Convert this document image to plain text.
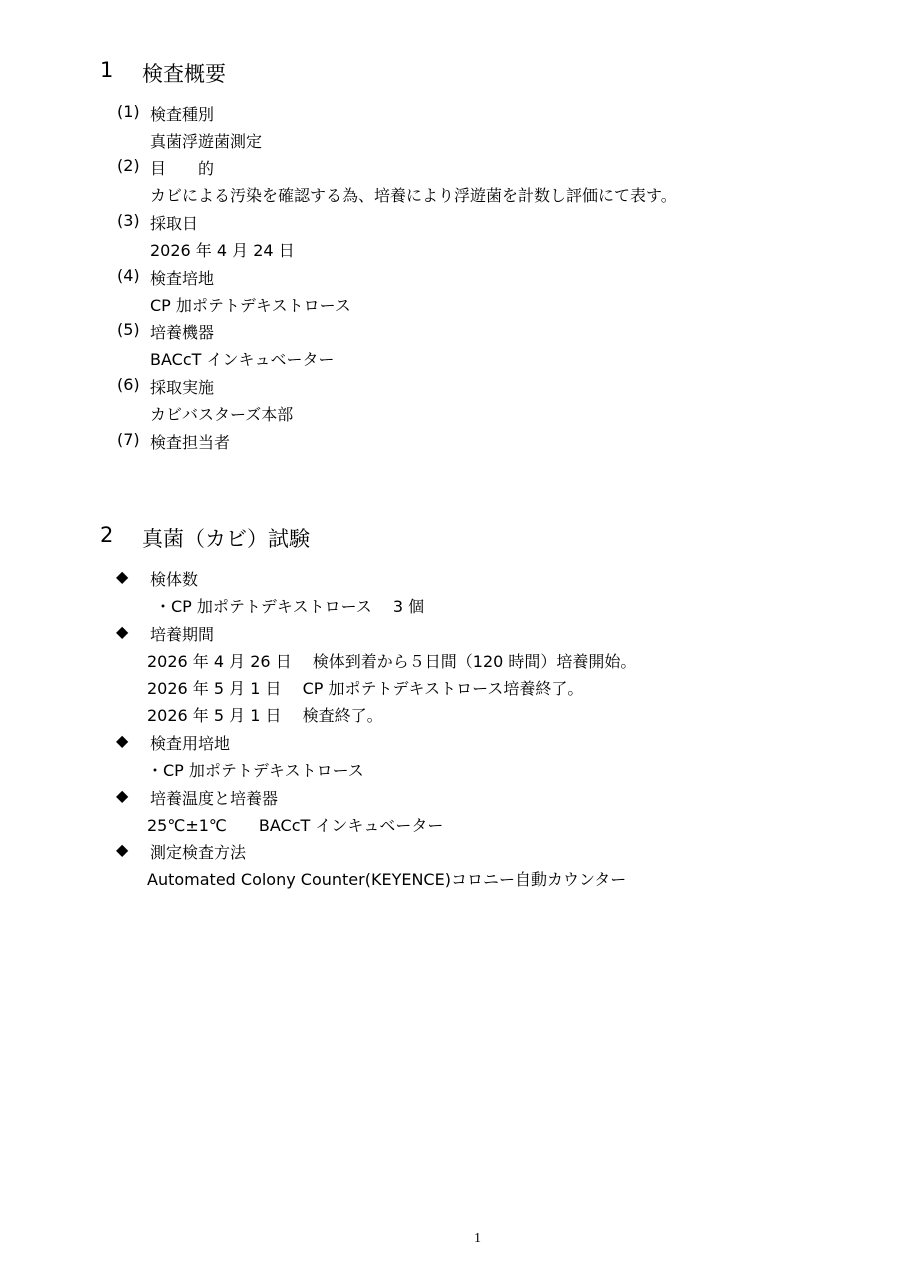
1 検査概要
(1) 検査種別
真菌浮遊菌測定
(2) 目　　的
カビによる汚染を確認する為、培養により浮遊菌を計数し評価にて表す。
(3) 採取日
2026 年 4 月 24 日
(4) 検査培地
CP 加ポテトデキストロース
(5) 培養機器
BACcT インキュベーター
(6) 採取実施
カビバスターズ本部
(7) 検査担当者
2 真菌（カビ）試験
◆ 検体数
・CP 加ポテトデキストロース　 3 個
◆ 培養期間
2026 年 4 月 26 日　 検体到着から５日間（120 時間）培養開始。
2026 年 5 月 1 日　 CP 加ポテトデキストロース培養終了。
2026 年 5 月 1 日　 検査終了。
◆ 検査用培地
・CP 加ポテトデキストロース
◆ 培養温度と培養器
25℃±1℃　　BACcT インキュベーター
◆ 測定検査方法
Automated Colony Counter(KEYENCE)コロニー自動カウンター
1
